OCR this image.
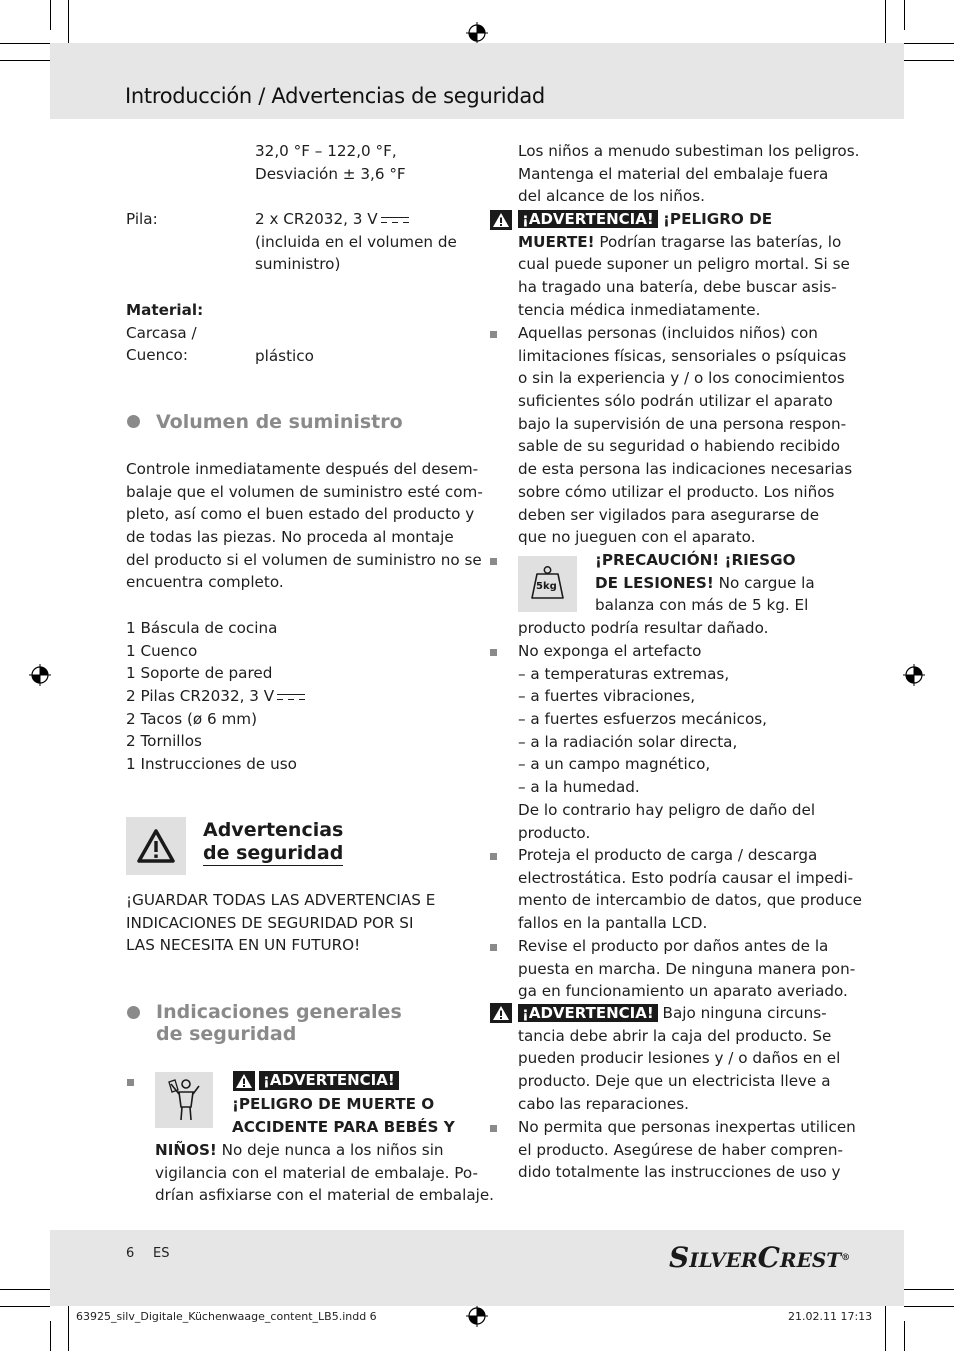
Introducción / Advertencias de seguridad
32,0 °F – 122,0 °F,
Desviación ± 3,6 °F
Pila:	2 x CR2032, 3 V
(incluida en el volumen de
suministro)
Material:
Carcasa /
Cuenco:	plástico
Volumen de suministro
Controle inmediatamente después del desem-
balaje que el volumen de suministro esté com-
pleto, así como el buen estado del producto y
de todas las piezas. No proceda al montaje
del producto si el volumen de suministro no se
encuentra completo.
1 Báscula de cocina
1 Cuenco
1 Soporte de pared
2 Pilas CR2032, 3 V
2 Tacos (ø 6 mm)
2 Tornillos
1 Instrucciones de uso
Advertencias
de seguridad
¡GUARDAR TODAS LAS ADVERTENCIAS E
INDICACIONES DE SEGURIDAD POR SI
LAS NECESITA EN UN FUTURO!
Indicaciones generales
de seguridad
¡ADVERTENCIA!
¡PELIGRO DE MUERTE O
ACCIDENTE PARA BEBÉS Y
NIÑOS! No deje nunca a los niños sin
vigilancia con el material de embalaje. Po-
drían asfixiarse con el material de embalaje.
Los niños a menudo subestiman los peligros.
Mantenga el material del embalaje fuera
del alcance de los niños.
¡ADVERTENCIA! ¡PELIGRO DE
MUERTE! Podrían tragarse las baterías, lo
cual puede suponer un peligro mortal. Si se
ha tragado una batería, debe buscar asis-
tencia médica inmediatamente.
Aquellas personas (incluidos niños) con
limitaciones físicas, sensoriales o psíquicas
o sin la experiencia y / o los conocimientos
suficientes sólo podrán utilizar el aparato
bajo la supervisión de una persona respon-
sable de su seguridad o habiendo recibido
de esta persona las indicaciones necesarias
sobre cómo utilizar el producto. Los niños
deben ser vigilados para asegurarse de
que no jueguen con el aparato.
5kg
¡PRECAUCIÓN! ¡RIESGO
DE LESIONES! No cargue la
balanza con más de 5 kg. El
producto podría resultar dañado.
No exponga el artefacto
– a temperaturas extremas,
– a fuertes vibraciones,
– a fuertes esfuerzos mecánicos,
– a la radiación solar directa,
– a un campo magnético,
– a la humedad.
De lo contrario hay peligro de daño del
producto.
Proteja el producto de carga / descarga
electrostática. Esto podría causar el impedi-
mento de intercambio de datos, que produce
fallos en la pantalla LCD.
Revise el producto por daños antes de la
puesta en marcha. De ninguna manera pon-
ga en funcionamiento un aparato averiado.
¡ADVERTENCIA! Bajo ninguna circuns-
tancia debe abrir la caja del producto. Se
pueden producir lesiones y / o daños en el
producto. Deje que un electricista lleve a
cabo las reparaciones.
No permita que personas inexpertas utilicen
el producto. Asegúrese de haber compren-
dido totalmente las instrucciones de uso y
6 ES	SILVERCREST®
63925_silv_Digitale_Küchenwaage_content_LB5.indd 6	21.02.11 17:13
